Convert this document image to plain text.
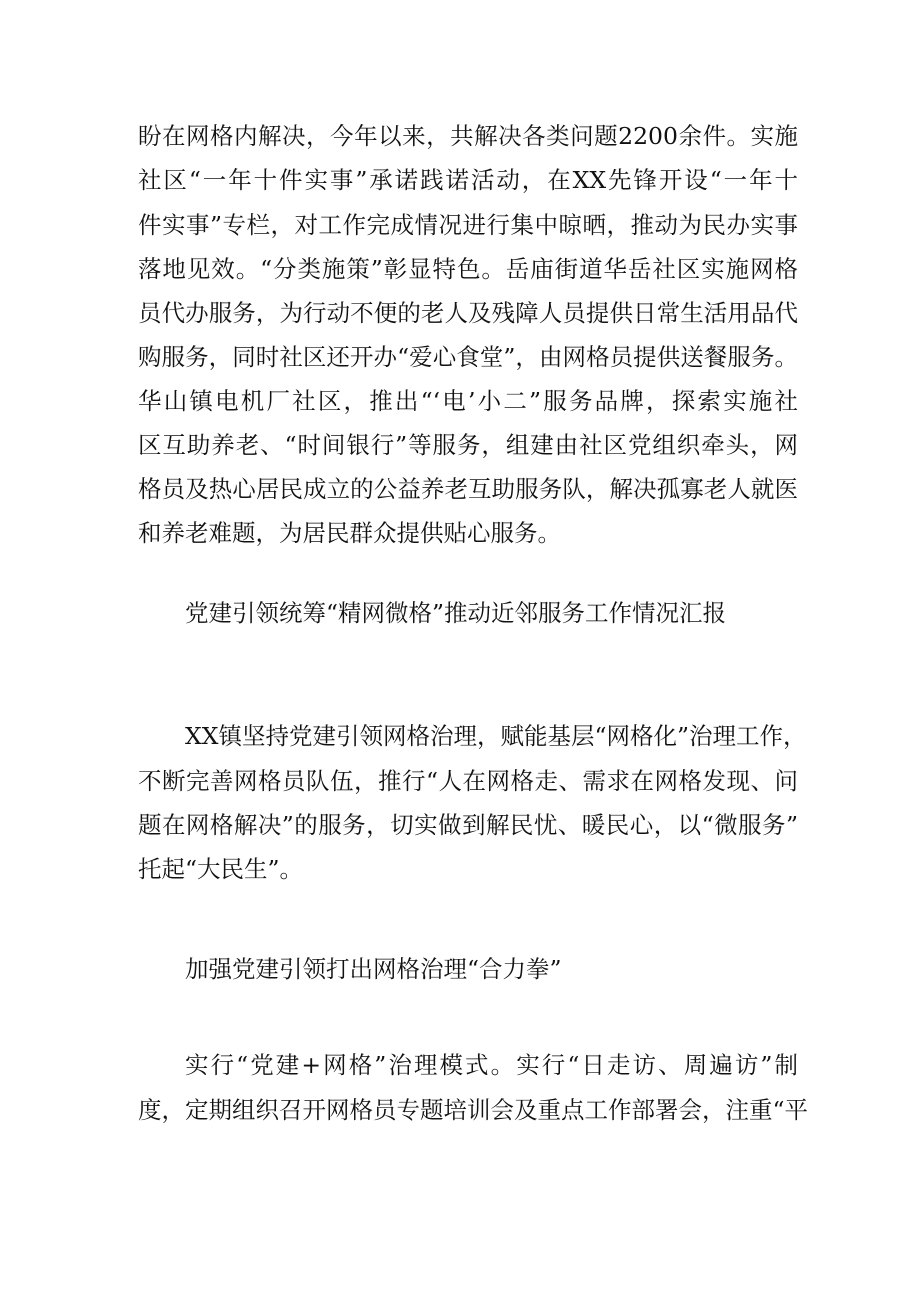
盼在网格内解决，今年以来，共解决各类问题2200余件。实施
社区“一年十件实事”承诺践诺活动，在XX先锋开设“一年十
件实事”专栏，对工作完成情况进行集中晾晒，推动为民办实事
落地见效。“分类施策”彰显特色。岳庙街道华岳社区实施网格
员代办服务，为行动不便的老人及残障人员提供日常生活用品代
购服务，同时社区还开办“爱心食堂”，由网格员提供送餐服务。
华山镇电机厂社区，推出“‘电’小二”服务品牌，探索实施社
区互助养老、“时间银行”等服务，组建由社区党组织牵头，网
格员及热心居民成立的公益养老互助服务队，解决孤寡老人就医
和养老难题，为居民群众提供贴心服务。
党建引领统筹“精网微格”推动近邻服务工作情况汇报
XX镇坚持党建引领网格治理，赋能基层“网格化”治理工作，
不断完善网格员队伍，推行“人在网格走、需求在网格发现、问
题在网格解决”的服务，切实做到解民忧、暖民心，以“微服务”
托起“大民生”。
加强党建引领打出网格治理“合力拳”
实行“党建+网格”治理模式。实行“日走访、周遍访”制
度，定期组织召开网格员专题培训会及重点工作部署会，注重“平
